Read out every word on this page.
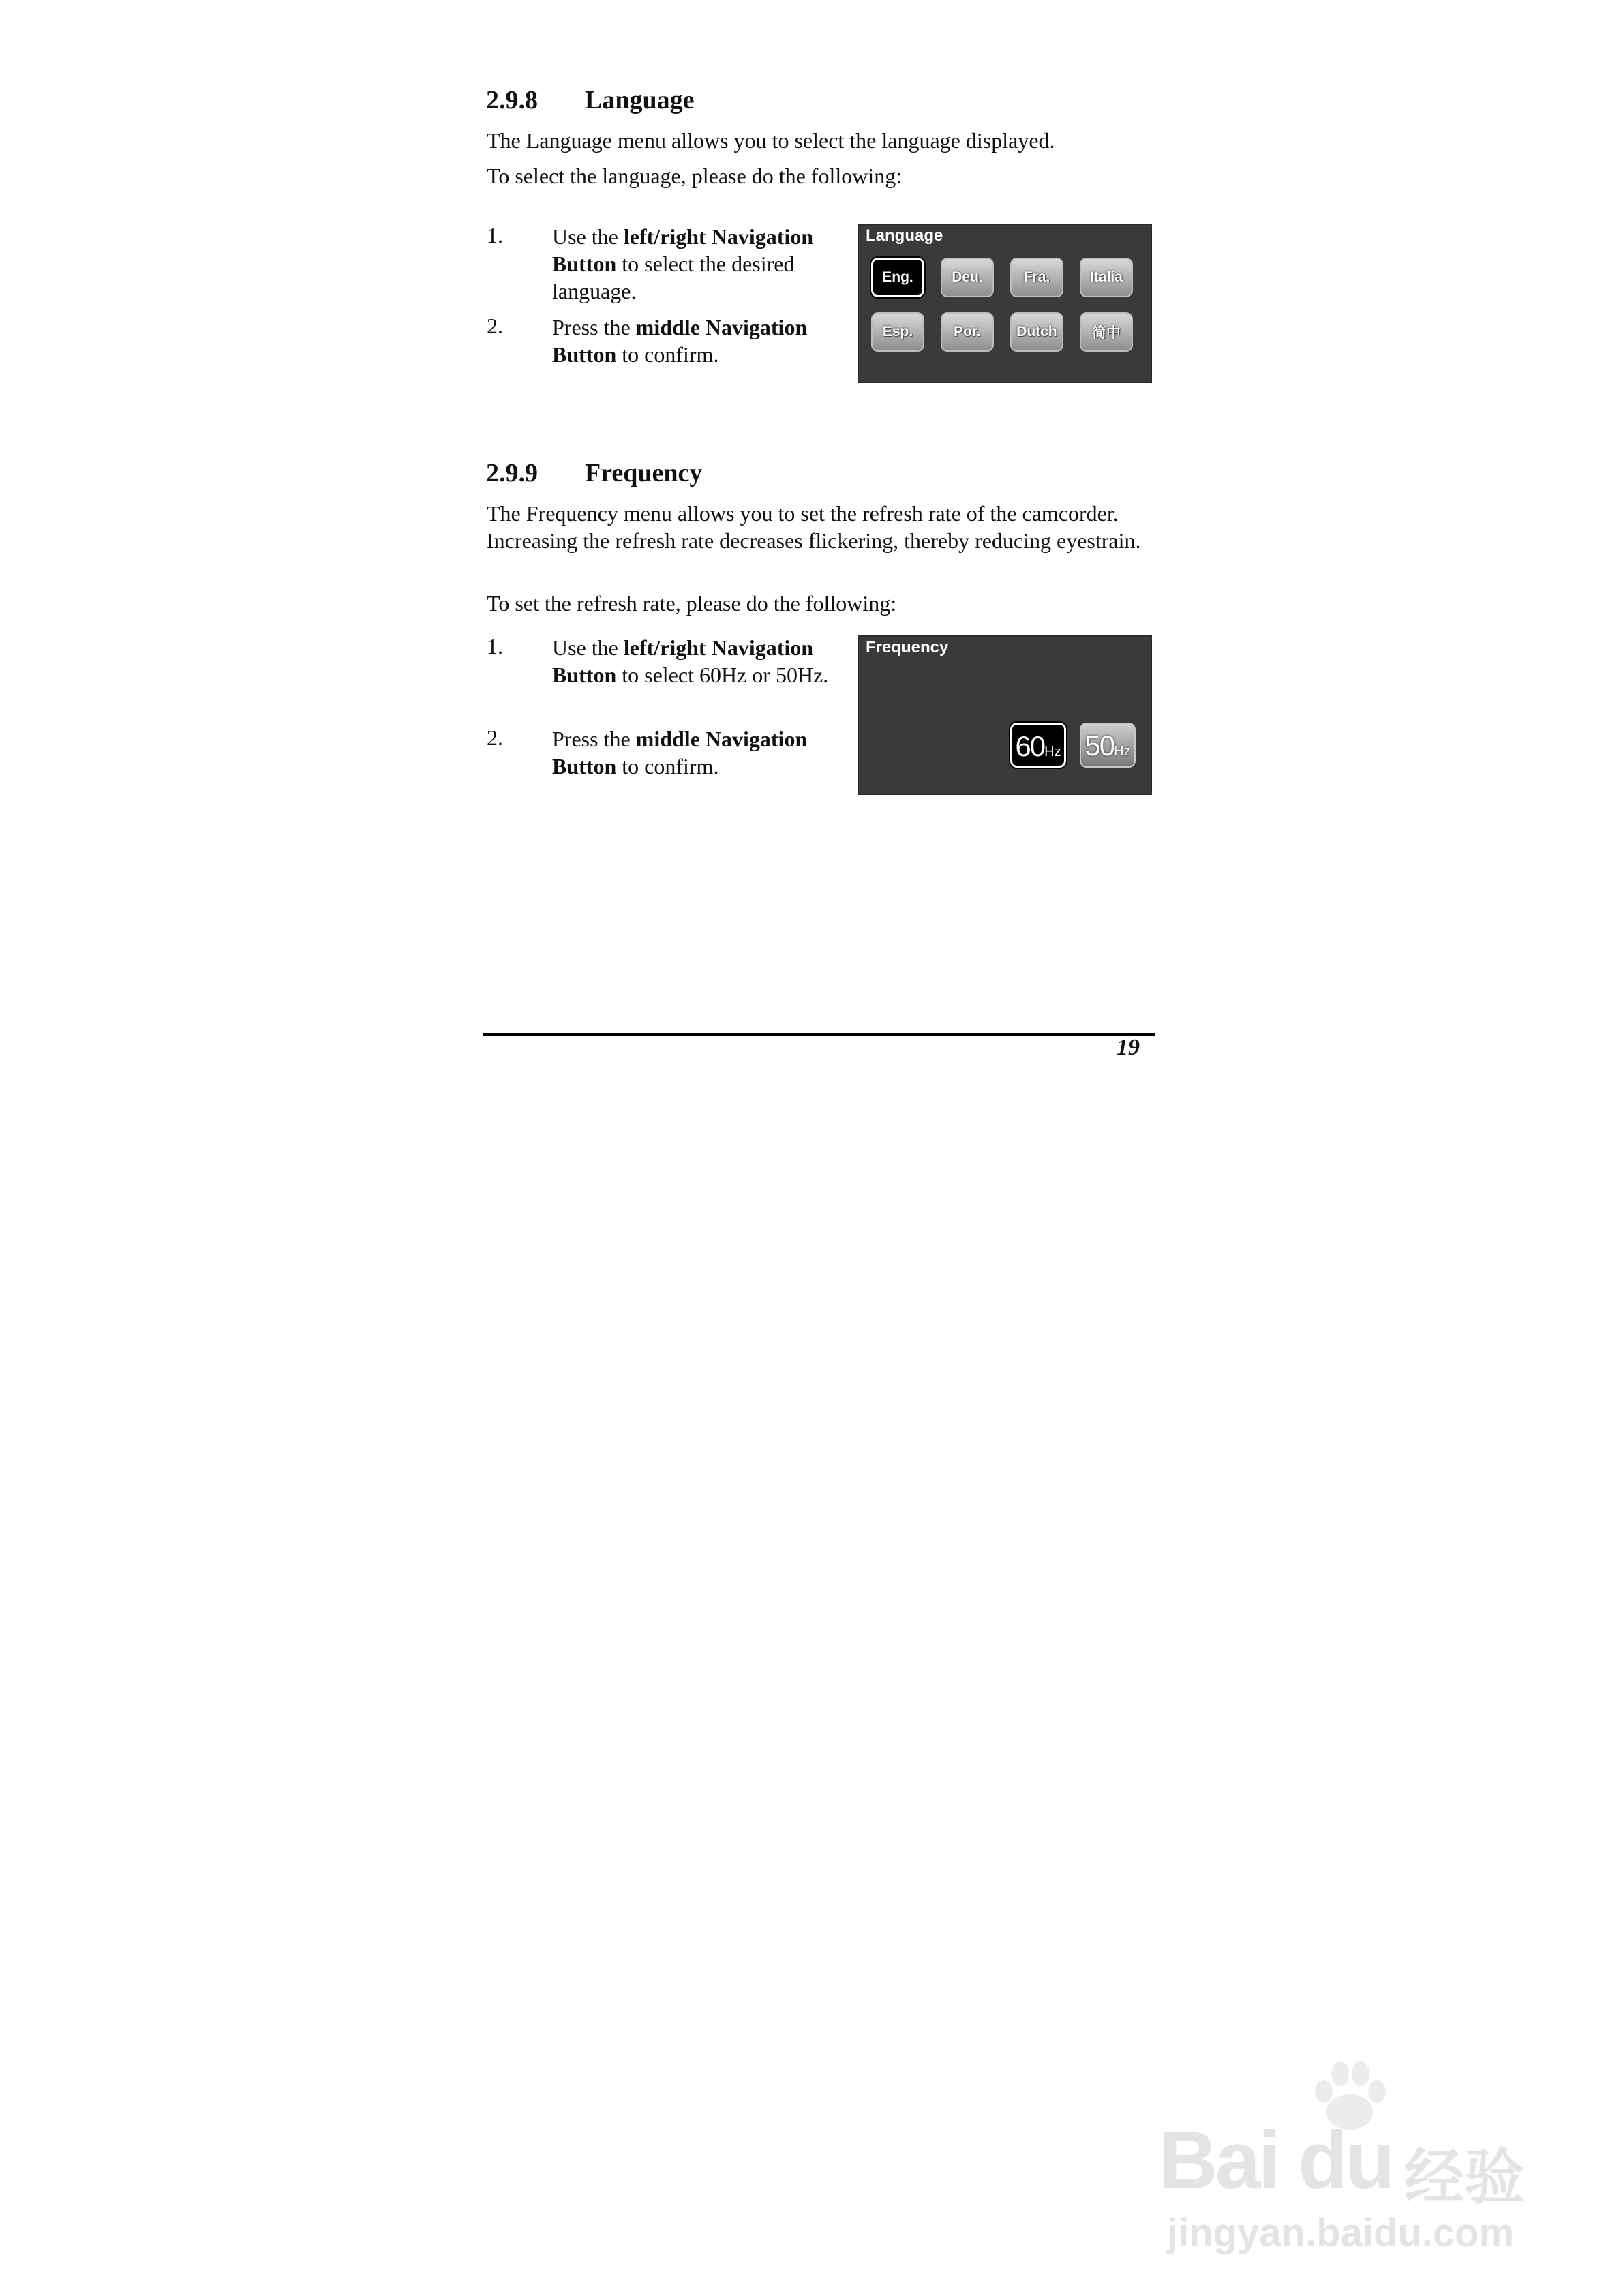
2.9.8 Language
The Language menu allows you to select the language displayed.
To select the language, please do the following:
1. Use the left/right Navigation Button to select the desired language.
2. Press the middle Navigation Button to confirm.
Language
Eng.	Deu.	Fra.	Italia
Esp.	Por.	Dutch	简中
2.9.9 Frequency
The Frequency menu allows you to set the refresh rate of the camcorder. Increasing the refresh rate decreases flickering, thereby reducing eyestrain.
To set the refresh rate, please do the following:
1. Use the left/right Navigation Button to select 60Hz or 50Hz.
2. Press the middle Navigation Button to confirm.
Frequency
60 Hz 50 Hz
19
Bai du 经验
jingyan.baidu.com
